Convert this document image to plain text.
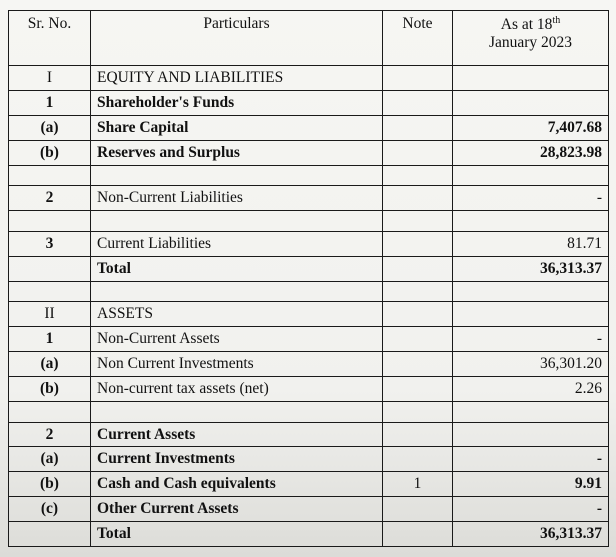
Sr. No.	Particulars	Note	As at 18th
January 2023
I	EQUITY AND LIABILITIES		
1	Shareholder's Funds		
(a)	Share Capital		7,407.68
(b)	Reserves and Surplus		28,823.98

2	Non-Current Liabilities		-

3	Current Liabilities		81.71
	Total		36,313.37

II	ASSETS		
1	Non-Current Assets		-
(a)	Non Current Investments		36,301.20
(b)	Non-current tax assets (net)		2.26

2	Current Assets		
(a)	Current Investments		-
(b)	Cash and Cash equivalents	1	9.91
(c)	Other Current Assets		-
	Total		36,313.37
